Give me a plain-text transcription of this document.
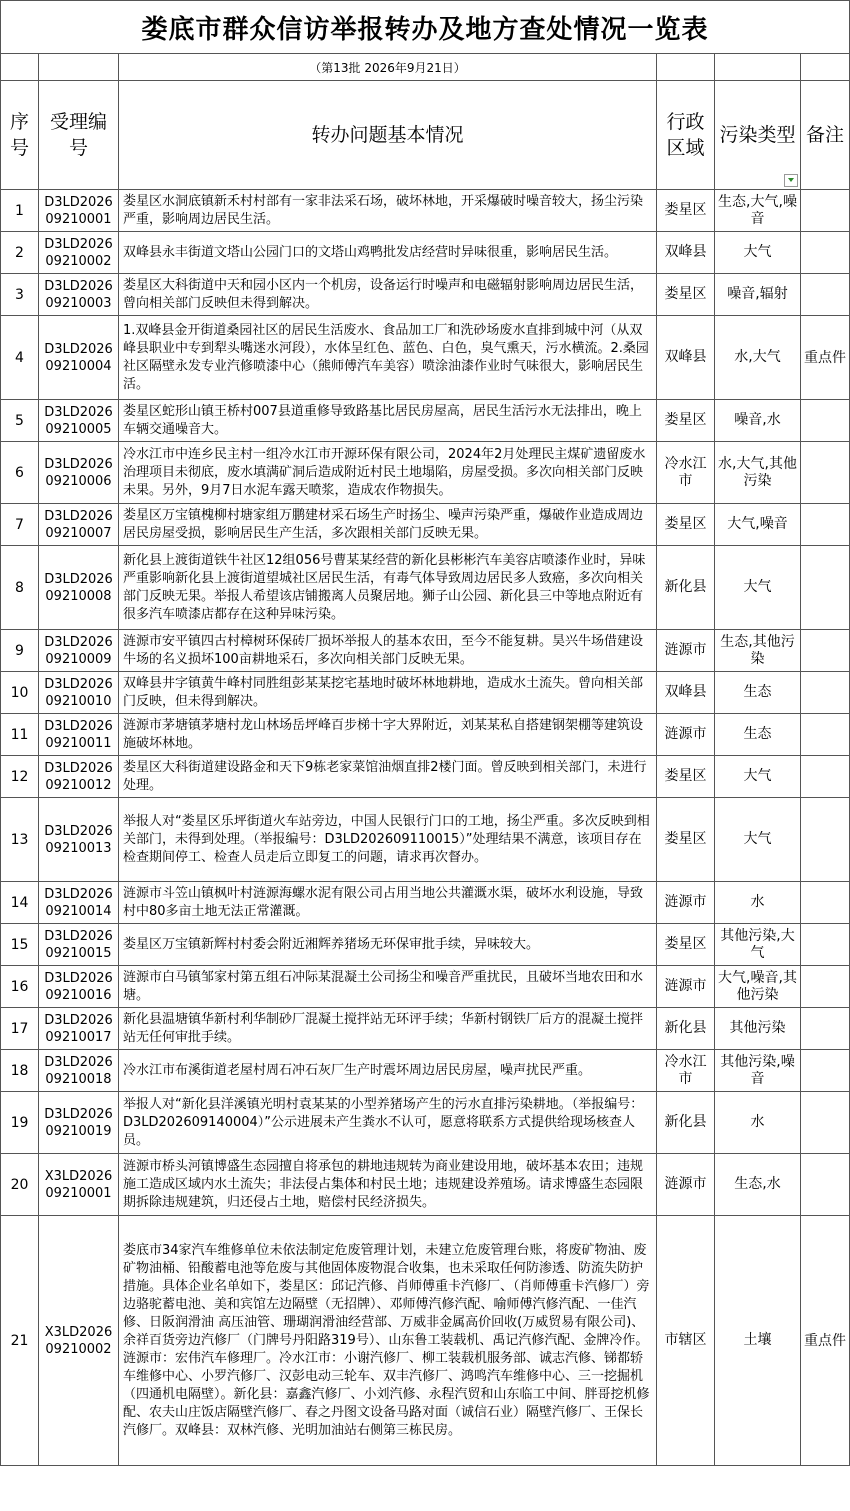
娄底市群众信访举报转办及地方查处情况一览表					
		（第13批 2026年9月21日）			
序号	受理编号	转办问题基本情况	行政区域	污染类型	备注
1	D3LD2026 09210001	娄星区水洞底镇新禾村村部有一家非法采石场，破坏林地，开采爆破时噪音较大，扬尘污染严重，影响周边居民生活。	娄星区	生态,大气,噪音	
2	D3LD2026 09210002	双峰县永丰街道文塔山公园门口的文塔山鸡鸭批发店经营时异味很重，影响居民生活。	双峰县	大气	
3	D3LD2026 09210003	娄星区大科街道中天和园小区内一个机房，设备运行时噪声和电磁辐射影响周边居民生活，曾向相关部门反映但未得到解决。	娄星区	噪音,辐射	
4	D3LD2026 09210004	1.双峰县金开街道桑园社区的居民生活废水、食品加工厂和洗砂场废水直排到城中河（从双峰县职业中专到犁头嘴迷水河段），水体呈红色、蓝色、白色，臭气熏天，污水横流。2.桑园社区隔壁永发专业汽修喷漆中心（熊师傅汽车美容）喷涂油漆作业时气味很大，影响居民生活。	双峰县	水,大气	重点件
5	D3LD2026 09210005	娄星区蛇形山镇王桥村007县道重修导致路基比居民房屋高，居民生活污水无法排出，晚上车辆交通噪音大。	娄星区	噪音,水	
6	D3LD2026 09210006	冷水江市中连乡民主村一组冷水江市开源环保有限公司，2024年2月处理民主煤矿遗留废水治理项目未彻底，废水填满矿洞后造成附近村民土地塌陷，房屋受损。多次向相关部门反映未果。另外，9月7日水泥车露天喷浆，造成农作物损失。	冷水江市	水,大气,其他污染	
7	D3LD2026 09210007	娄星区万宝镇槐柳村塘家组万鹏建材采石场生产时扬尘、噪声污染严重，爆破作业造成周边居民房屋受损，影响居民生产生活，多次跟相关部门反映无果。	娄星区	大气,噪音	
8	D3LD2026 09210008	新化县上渡街道铁牛社区12组056号曹某某经营的新化县彬彬汽车美容店喷漆作业时，异味严重影响新化县上渡街道望城社区居民生活，有毒气体导致周边居民多人致癌，多次向相关部门反映无果。举报人希望该店铺搬离人员聚居地。狮子山公园、新化县三中等地点附近有很多汽车喷漆店都存在这种异味污染。	新化县	大气	
9	D3LD2026 09210009	涟源市安平镇四古村樟树环保砖厂损坏举报人的基本农田，至今不能复耕。昊兴牛场借建设牛场的名义损坏100亩耕地采石，多次向相关部门反映无果。	涟源市	生态,其他污染	
10	D3LD2026 09210010	双峰县井字镇黄牛峰村同胜组彭某某挖宅基地时破坏林地耕地，造成水土流失。曾向相关部门反映，但未得到解决。	双峰县	生态	
11	D3LD2026 09210011	涟源市茅塘镇茅塘村龙山林场岳坪峰百步梯十字大界附近，刘某某私自搭建钢架棚等建筑设施破坏林地。	涟源市	生态	
12	D3LD2026 09210012	娄星区大科街道建设路金和天下9栋老家菜馆油烟直排2楼门面。曾反映到相关部门，未进行处理。	娄星区	大气	
13	D3LD2026 09210013	举报人对“娄星区乐坪街道火车站旁边，中国人民银行门口的工地，扬尘严重。多次反映到相关部门，未得到处理。（举报编号：D3LD202609110015）”处理结果不满意，该项目存在检查期间停工、检查人员走后立即复工的问题，请求再次督办。	娄星区	大气	
14	D3LD2026 09210014	涟源市斗笠山镇枫叶村涟源海螺水泥有限公司占用当地公共灌溉水渠，破坏水利设施，导致村中80多亩土地无法正常灌溉。	涟源市	水	
15	D3LD2026 09210015	娄星区万宝镇新辉村村委会附近湘辉养猪场无环保审批手续，异味较大。	娄星区	其他污染,大气	
16	D3LD2026 09210016	涟源市白马镇邹家村第五组石冲际某混凝土公司扬尘和噪音严重扰民，且破坏当地农田和水塘。	涟源市	大气,噪音,其他污染	
17	D3LD2026 09210017	新化县温塘镇华新村利华制砂厂混凝土搅拌站无环评手续；华新村钢铁厂后方的混凝土搅拌站无任何审批手续。	新化县	其他污染	
18	D3LD2026 09210018	冷水江市布溪街道老屋村周石冲石灰厂生产时震坏周边居民房屋，噪声扰民严重。	冷水江市	其他污染,噪音	
19	D3LD2026 09210019	举报人对“新化县洋溪镇光明村袁某某的小型养猪场产生的污水直排污染耕地。（举报编号：D3LD202609140004）”公示进展未产生粪水不认可，愿意将联系方式提供给现场核查人员。	新化县	水	
20	X3LD2026 09210001	涟源市桥头河镇博盛生态园擅自将承包的耕地违规转为商业建设用地，破坏基本农田；违规施工造成区域内水土流失；非法侵占集体和村民土地；违规建设养殖场。请求博盛生态园限期拆除违规建筑，归还侵占土地，赔偿村民经济损失。	涟源市	生态,水	
21	X3LD2026 09210002	娄底市34家汽车维修单位未依法制定危废管理计划，未建立危废管理台账，将废矿物油、废矿物油桶、铅酸蓄电池等危废与其他固体废物混合收集，也未采取任何防渗透、防流失防护措施。具体企业名单如下，娄星区：邱记汽修、肖师傅重卡汽修厂、（肖师傅重卡汽修厂）旁边骆驼蓄电池、美和宾馆左边隔壁（无招牌）、邓师傅汽修汽配、喻师傅汽修汽配、一佳汽修、日阪润滑油 高压油管、珊瑚润滑油经营部、万威非金属高价回收(万威贸易有限公司)、余祥百货旁边汽修厂（门牌号丹阳路319号）、山东鲁工装载机、禹记汽修汽配、金牌冷作。涟源市：宏伟汽车修理厂。冷水江市：小谢汽修厂、柳工装载机服务部、诚志汽修、锑都轿车维修中心、小罗汽修厂、汉彭电动三轮车、双丰汽修厂、鸿鸣汽车维修中心、三一挖掘机（四通机电隔壁）。新化县：嘉鑫汽修厂、小刘汽修、永程汽贸和山东临工中间、胖哥挖机修配、农夫山庄饭店隔壁汽修厂、春之丹图文设备马路对面（诚信石业）隔壁汽修厂、王保长汽修厂。双峰县：双林汽修、光明加油站右侧第三栋民房。	市辖区	土壤	重点件
